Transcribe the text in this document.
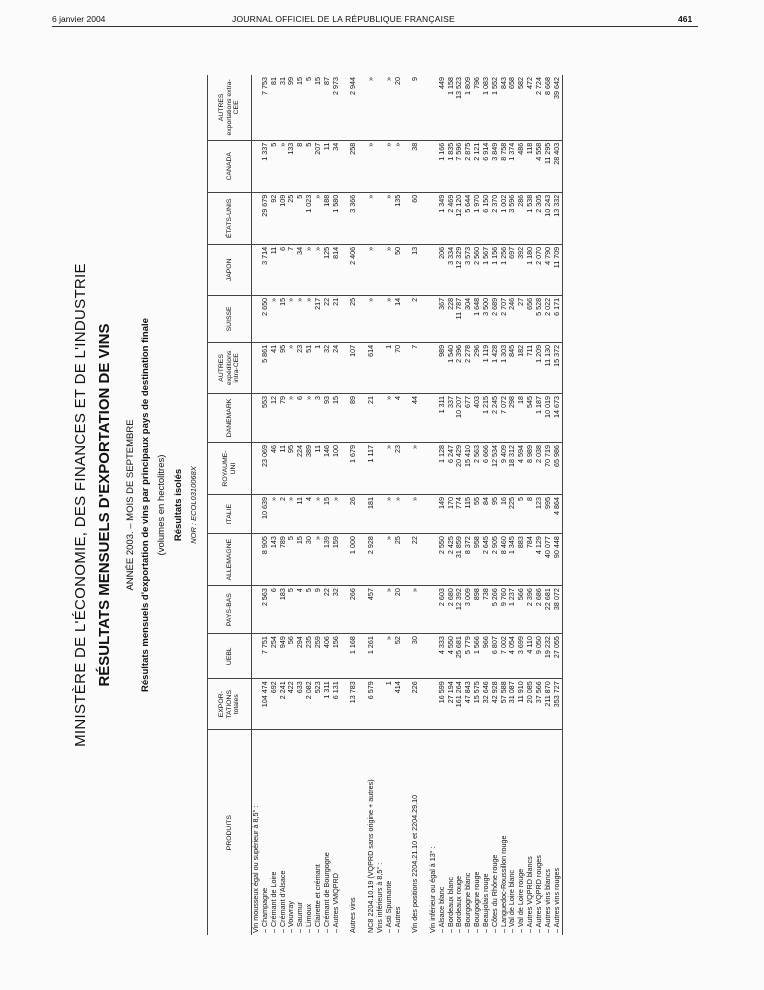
6 janvier 2004	JOURNAL OFFICIEL DE LA RÉPUBLIQUE FRANÇAISE	461
MINISTÈRE DE L'ÉCONOMIE, DES FINANCES ET DE L'INDUSTRIE RÉSULTATS MENSUELS D'EXPORTATION DE VINS ANNÉE 2003. – MOIS DE SEPTEMBRE Résultats mensuels d'exportation de vins par principaux pays de destination finale (volumes en hectolitres) Résultats isolés NOR : ECOL0310068X
PRODUITS	EXPOR-TATIONS totales	UEBL	PAYS-BAS	ALLEMAGNE	ITALIE	ROYAUME-UNI	DANEMARK	AUTRES expéditions intra-CEE	SUISSE	JAPON	ÉTATS-UNIS	CANADA	AUTRES exportations extra-CEE
Vin mousseux égal ou supérieur à 8,5° :													
– Champagne	104 474	7 751	2 563	8 905	10 639	23 069	553	5 861	2 650	3 714	29 679	1 337	7 753
– Crémant de Loire	692	254	6	143	»	46	12	41	»	11	92	5	81
– Crémant d'Alsace	2 241	949	183	789	2	11	79	95	15	6	109	»	31
– Vouvray	422	56	5	5	»	95	»	»	»	7	25	133	99
– Saumur	633	294	4	15	11	224	6	23	»	34	5	8	15
– Limoux	2 082	235	5	30	4	389	»	51	»	»	1 023	5	5
– Clairette et crémant	523	259	9	»	»	11	3	1	217	»	»	207	15
– Crémant de Bourgogne	1 311	406	22	139	15	146	93	32	22	125	188	11	87
– Autres VMQPRD	6 131	156	32	159	»	100	15	24	21	814	1 580	34	2 973

Autres vins	13 783	1 168	266	1 000	26	1 679	89	107	25	2 406	3 366	258	2 944

NC8 2204.10.19 (VQPRD sans origine + autres)	6 579	1 261	457	2 928	181	1 117	21	614	»	»	»	»	»
Vins inférieurs à 8,5° :													
– Asti Spumante	1	»	»	»	»	»	»	1	»	»	»	»	»
– Autres	414	52	20	25	»	23	4	70	14	50	135	»	20

Vin des positions 2204.21.10 et 2204.29.10	226	30	»	22	»	»	44	7	2	13	60	38	9

Vin inférieur ou égal à 13° :													
– Alsace blanc	16 599	4 333	2 603	2 550	149	1 128	1 311	989	367	206	1 349	1 166	449
– Bordeaux blanc	27 194	4 550	2 680	2 425	170	6 247	337	1 540	228	3 334	2 469	1 835	1 158
– Bordeaux rouge	161 264	25 681	12 392	31 859	774	20 429	10 207	2 396	11 787	12 329	12 120	7 596	13 523
– Bourgogne blanc	47 843	5 779	3 009	8 372	115	15 410	677	2 278	304	3 573	5 644	2 875	1 809
– Bourgogne rouge	15 575	1 566	898	958	55	2 563	403	296	1 648	2 560	1 970	2 121	796
– Beaujolais rouge	32 646	966	738	2 645	84	6 666	1 215	1 119	3 500	1 567	6 150	6 914	1 083
– Côtes du Rhône rouge	42 928	6 807	5 266	2 905	95	12 534	2 245	1 428	2 689	1 156	2 370	3 849	1 552
– Languedoc-Roussillon rouge	57 588	7 002	9 760	8 460	16	9 409	7 072	1 303	2 707	1 256	1 002	8 758	843
– Val de Loire blanc	31 087	4 054	1 237	1 345	225	18 312	298	845	246	697	3 596	1 374	658
– Val de Loire rouge	11 910	3 699	566	883	5	4 594	18	182	27	392	286	486	582
– Autres VQPRD blancs	20 085	4 110	2 396	784	8	8 989	545	711	656	1 180	1 538	118	472
– Autres VQPRD rouges	37 566	9 050	2 686	4 129	123	2 038	1 187	1 209	5 528	2 070	2 305	4 558	2 724
– Autres vins blancs	211 870	19 232	22 681	40 077	995	70 719	10 019	11 130	2 022	4 790	10 243	11 295	8 668
– Autres vins rouges	353 727	27 055	38 072	90 448	4 864	65 986	14 673	15 372	6 171	11 709	13 332	28 403	39 642
